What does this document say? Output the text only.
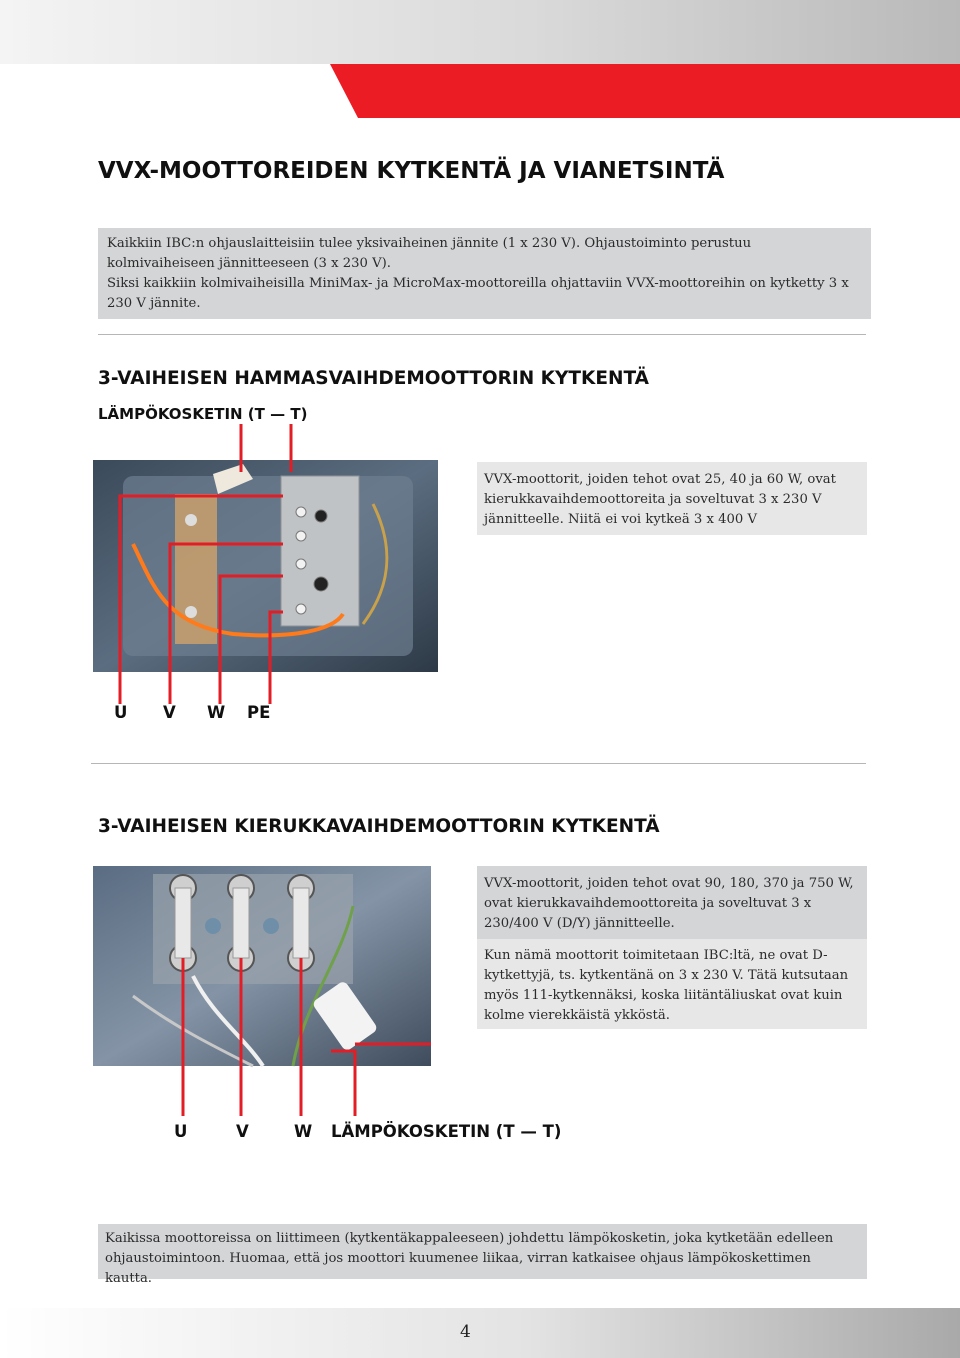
VVX-MOOTTOREIDEN KYTKENTÄ JA VIANETSINTÄ

Kaikkiin IBC:n ohjauslaitteisiin tulee yksivaiheinen jännite (1 x 230 V). Ohjaustoiminto perustuu kolmivaiheiseen jännitteeseen (3 x 230 V).

Siksi kaikkiin kolmivaiheisilla MiniMax- ja MicroMax-moottoreilla ohjattaviin VVX-moottoreihin on kytketty 3 x 230 V jännite.

3-VAIHEISEN HAMMASVAIHDEMOOTTORIN KYTKENTÄ
LÄMPÖKOSKETIN (T — T)

VVX-moottorit, joiden tehot ovat 25, 40 ja 60 W, ovat kierukkavaihdemoottoreita ja soveltuvat 3 x 230 V jännitteelle. Niitä ei voi kytkeä 3 x 400 V

U V W PE
3-VAIHEISEN KIERUKKAVAIHDEMOOTTORIN KYTKENTÄ

VVX-moottorit, joiden tehot ovat 90, 180, 370 ja 750 W, ovat kierukkavaihdemoottoreita ja soveltuvat 3 x 230/400 V (D/Y) jännitteelle.

Kun nämä moottorit toimitetaan IBC:ltä, ne ovat D-kytkettyjä, ts. kytkentänä on 3 x 230 V. Tätä kutsutaan myös 111-kytkennäksi, koska liitäntäliuskat ovat kuin kolme vierekkäistä ykköstä.

U	V	W LÄMPÖKOSKETIN (T — T)

Kaikissa moottoreissa on liittimeen (kytkentäkappaleeseen) johdettu lämpökosketin, joka kytketään edelleen ohjaustoimintoon. Huomaa, että jos moottori kuumenee liikaa, virran katkaisee ohjaus lämpökoskettimen kautta.

4
